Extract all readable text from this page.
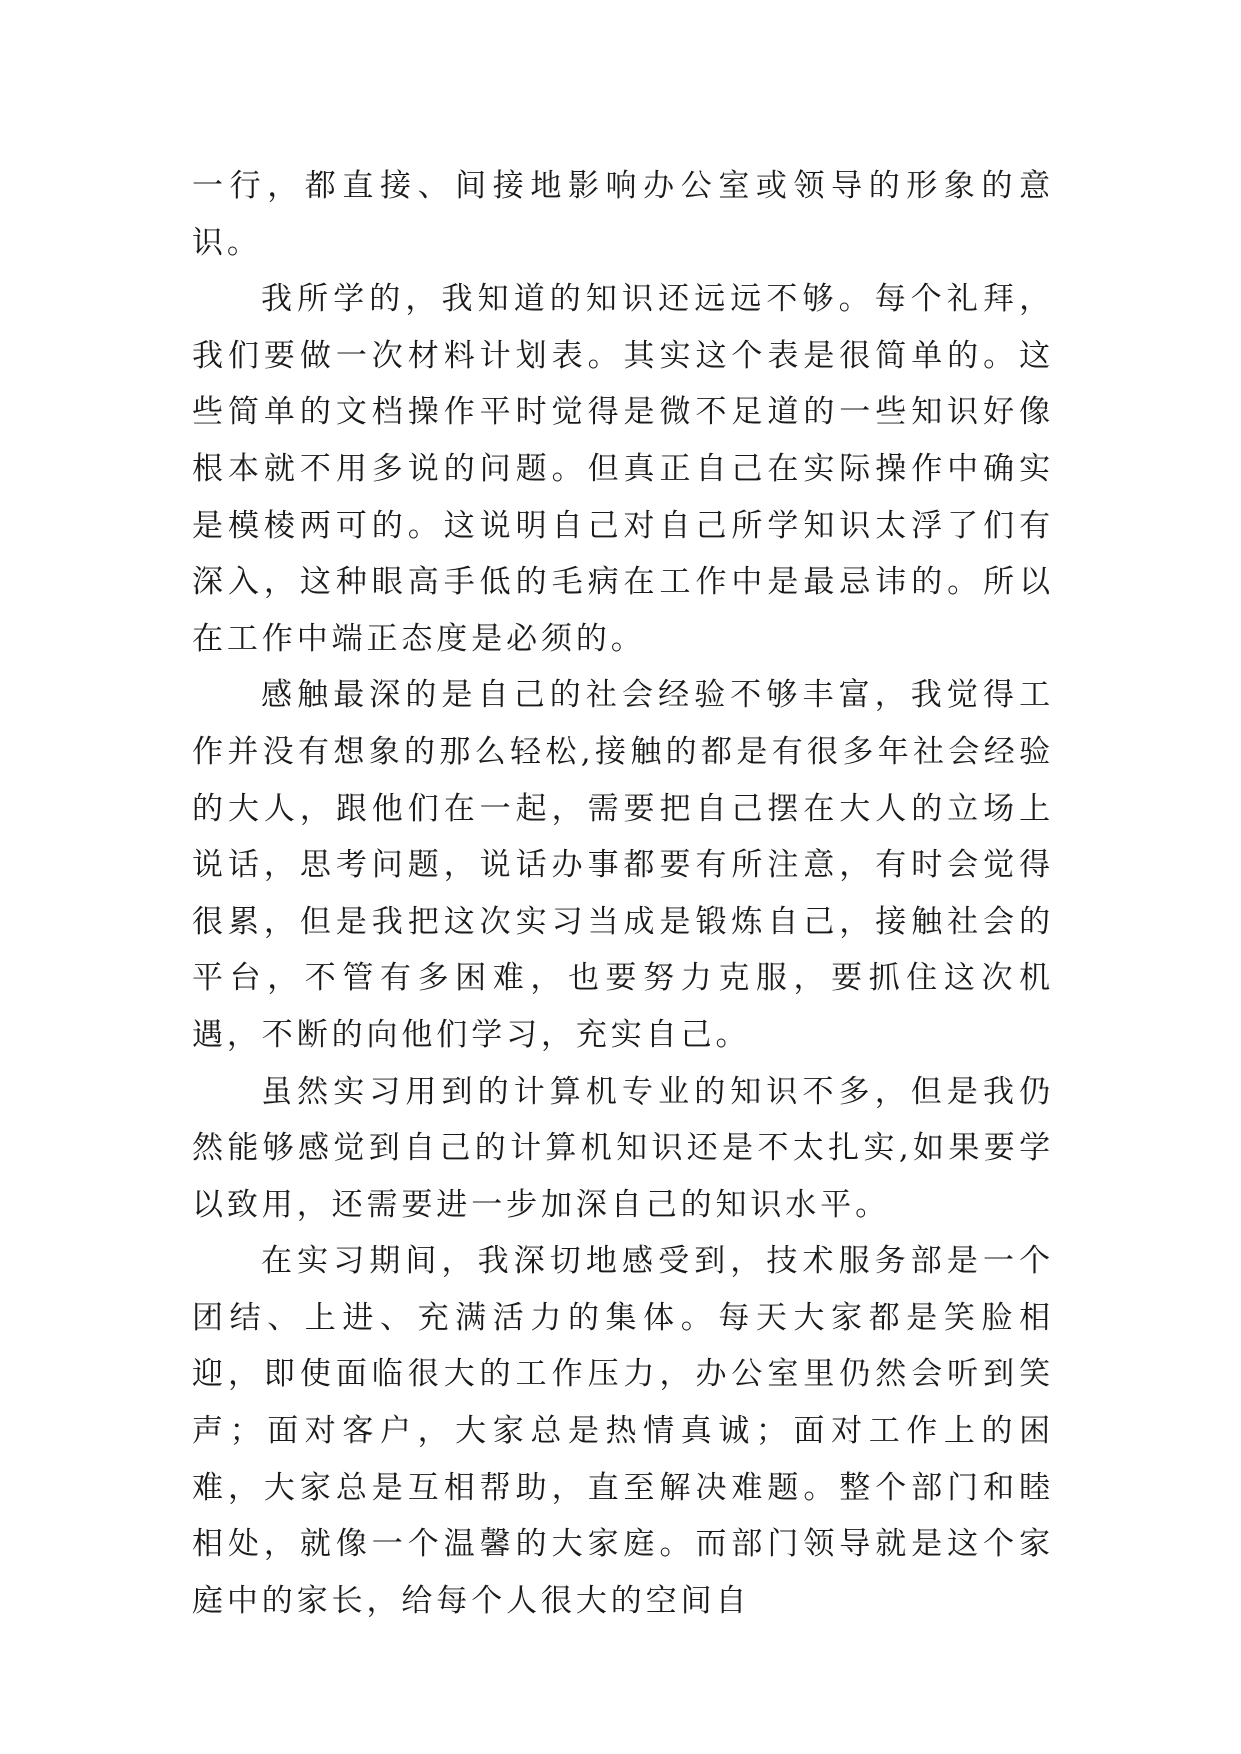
一行，都直接、间接地影响办公室或领导的形象的意识。

我所学的，我知道的知识还远远不够。每个礼拜，我们要做一次材料计划表。其实这个表是很简单的。这些简单的文档操作平时觉得是微不足道的一些知识好像根本就不用多说的问题。但真正自己在实际操作中确实是模棱两可的。这说明自己对自己所学知识太浮了们有深入，这种眼高手低的毛病在工作中是最忌讳的。所以在工作中端正态度是必须的。

感触最深的是自己的社会经验不够丰富，我觉得工作并没有想象的那么轻松,接触的都是有很多年社会经验的大人，跟他们在一起，需要把自己摆在大人的立场上说话，思考问题，说话办事都要有所注意，有时会觉得很累，但是我把这次实习当成是锻炼自己，接触社会的平台，不管有多困难，也要努力克服，要抓住这次机遇，不断的向他们学习，充实自己。

虽然实习用到的计算机专业的知识不多，但是我仍然能够感觉到自己的计算机知识还是不太扎实,如果要学以致用，还需要进一步加深自己的知识水平。

在实习期间，我深切地感受到，技术服务部是一个团结、上进、充满活力的集体。每天大家都是笑脸相迎，即使面临很大的工作压力，办公室里仍然会听到笑声；面对客户，大家总是热情真诚；面对工作上的困难，大家总是互相帮助，直至解决难题。整个部门和睦相处，就像一个温馨的大家庭。而部门领导就是这个家庭中的家长，给每个人很大的空间自
